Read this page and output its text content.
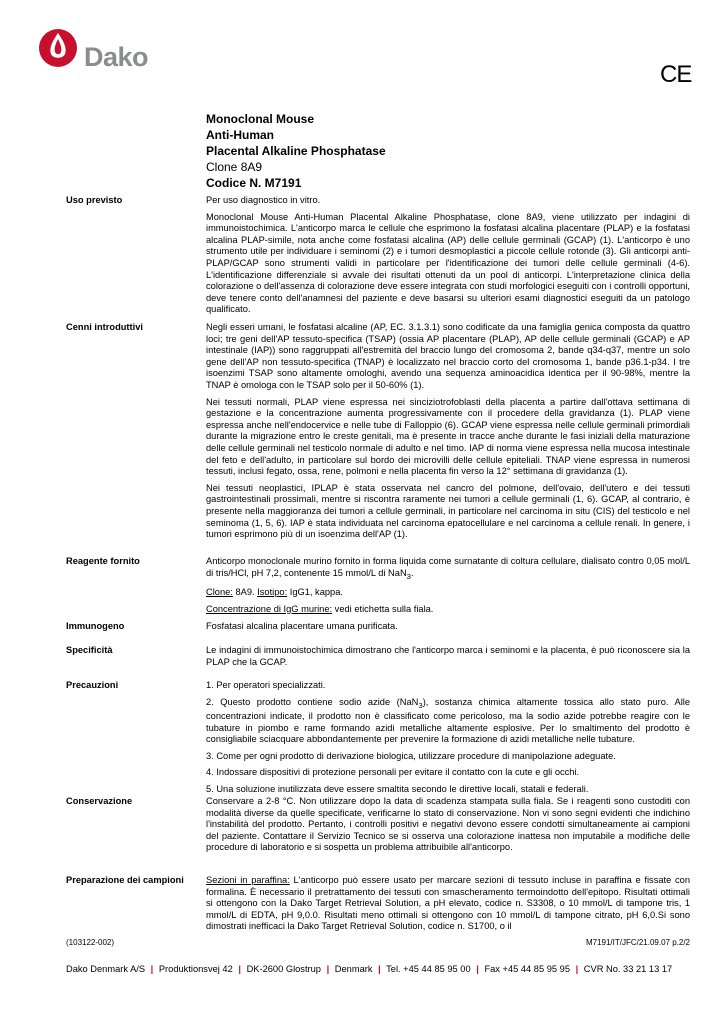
Dako
CE
Monoclonal Mouse
Anti-Human
Placental Alkaline Phosphatase
Clone 8A9
Codice N. M7191
Uso previsto	Per uso diagnostico in vitro.

Monoclonal Mouse Anti-Human Placental Alkaline Phosphatase, clone 8A9, viene utilizzato per indagini di immunoistochimica. L'anticorpo marca le cellule che esprimono la fosfatasi alcalina placentare (PLAP) e la fosfatasi alcalina PLAP-simile, nota anche come fosfatasi alcalina (AP) delle cellule germinali (GCAP) (1). L'anticorpo è uno strumento utile per individuare i seminomi (2) e i tumori desmoplastici a piccole cellule rotonde (3). Gli anticorpi anti-PLAP/GCAP sono strumenti validi in particolare per l'identificazione dei tumori delle cellule germinali (4-6). L'identificazione differenziale si avvale dei risultati ottenuti da un pool di anticorpi. L'interpretazione clinica della colorazione o dell'assenza di colorazione deve essere integrata con studi morfologici eseguiti con i controlli opportuni, deve tenere conto dell'anamnesi del paziente e deve basarsi su ulteriori esami diagnostici eseguiti da un patologo qualificato.

Cenni introduttivi	Negli esseri umani, le fosfatasi alcaline (AP, EC. 3.1.3.1) sono codificate da una famiglia genica composta da quattro loci; tre geni dell'AP tessuto-specifica (TSAP) (ossia AP placentare (PLAP), AP delle cellule germinali (GCAP) e AP intestinale (IAP)) sono raggruppati all'estremità del braccio lungo del cromosoma 2, bande q34-q37, mentre un solo gene dell'AP non tessuto-specifica (TNAP) è localizzato nel braccio corto del cromosoma 1, bande p36.1-p34. I tre isoenzimi TSAP sono altamente omologhi, avendo una sequenza aminoacidica identica per il 90-98%, mentre la TNAP è omologa con le TSAP solo per il 50-60% (1).

Nei tessuti normali, PLAP viene espressa nei sinciziotrofoblasti della placenta a partire dall'ottava settimana di gestazione e la concentrazione aumenta progressivamente con il procedere della gravidanza (1). PLAP viene espressa anche nell'endocervice e nelle tube di Falloppio (6). GCAP viene espressa nelle cellule germinali primordiali durante la migrazione entro le creste genitali, ma è presente in tracce anche durante le fasi iniziali della maturazione delle cellule germinali nel testicolo normale di adulto e nel timo. IAP di norma viene espressa nella mucosa intestinale del feto e dell'adulto, in particolare sul bordo dei microvilli delle cellule epiteliali. TNAP viene espressa in numerosi tessuti, inclusi fegato, ossa, rene, polmoni e nella placenta fin verso la 12° settimana di gravidanza (1).

Nei tessuti neoplastici, IPLAP è stata osservata nel cancro del polmone, dell'ovaio, dell'utero e dei tessuti gastrointestinali prossimali, mentre si riscontra raramente nei tumori a cellule germinali (1, 6). GCAP, al contrario, è presente nella maggioranza dei tumori a cellule germinali, in particolare nel carcinoma in situ (CIS) del testicolo e nel seminoma (1, 5, 6). IAP è stata individuata nel carcinoma epatocellulare e nel carcinoma a cellule renali. In genere, i tumori esprimono più di un isoenzima dell'AP (1).

Reagente fornito	Anticorpo monoclonale murino fornito in forma liquida come surnatante di coltura cellulare, dialisato contro 0,05 mol/L di tris/HCl, pH 7,2, contenente 15 mmol/L di NaN$_3$.

Clone: 8A9. Isotipo: IgG1, kappa.

Concentrazione di IgG murine: vedi etichetta sulla fiala.

Immunogeno	Fosfatasi alcalina placentare umana purificata.

Specificità	Le indagini di immunoistochimica dimostrano che l'anticorpo marca i seminomi e la placenta, è può riconoscere sia la PLAP che la GCAP.

Precauzioni	1. Per operatori specializzati.

2. Questo prodotto contiene sodio azide (NaN$_3$), sostanza chimica altamente tossica allo stato puro. Alle concentrazioni indicate, il prodotto non è classificato come pericoloso, ma la sodio azide potrebbe reagire con le tubature in piombo e rame formando azidi metalliche altamente esplosive. Per lo smaltimento del prodotto è consigliabile sciacquare abbondantemente per prevenire la formazione di azidi metalliche nelle tubature.

3. Come per ogni prodotto di derivazione biologica, utilizzare procedure di manipolazione adeguate.

4. Indossare dispositivi di protezione personali per evitare il contatto con la cute e gli occhi.

5. Una soluzione inutilizzata deve essere smaltita secondo le direttive locali, statali e federali.

Conservazione	Conservare a 2-8 °C. Non utilizzare dopo la data di scadenza stampata sulla fiala. Se i reagenti sono custoditi con modalità diverse da quelle specificate, verificarne lo stato di conservazione. Non vi sono segni evidenti che indichino l'instabilità del prodotto. Pertanto, i controlli positivi e negativi devono essere condotti simultaneamente ai campioni del paziente. Contattare il Servizio Tecnico se si osserva una colorazione inattesa non imputabile a modifiche delle procedure di laboratorio e si sospetta un problema attribuibile all'anticorpo.

Preparazione dei campioni	Sezioni in paraffina: L'anticorpo può essere usato per marcare sezioni di tessuto incluse in paraffina e fissate con formalina. È necessario il pretrattamento dei tessuti con smascheramento termoindotto dell'epitopo. Risultati ottimali si ottengono con la Dako Target Retrieval Solution, a pH elevato, codice n. S3308, o 10 mmol/L di tampone tris, 1 mmol/L di EDTA, pH 9,0.0. Risultati meno ottimali si ottengono con 10 mmol/L di tampone citrato, pH 6,0.Si sono dimostrati inefficaci la Dako Target Retrieval Solution, codice n. S1700, o il

(103122-002)	M7191/IT/JFC/21.09.07 p.2/2
Dako Denmark A/S | Produktionsvej 42 | DK-2600 Glostrup | Denmark | Tel. +45 44 85 95 00 | Fax +45 44 85 95 95 | CVR No. 33 21 13 17
